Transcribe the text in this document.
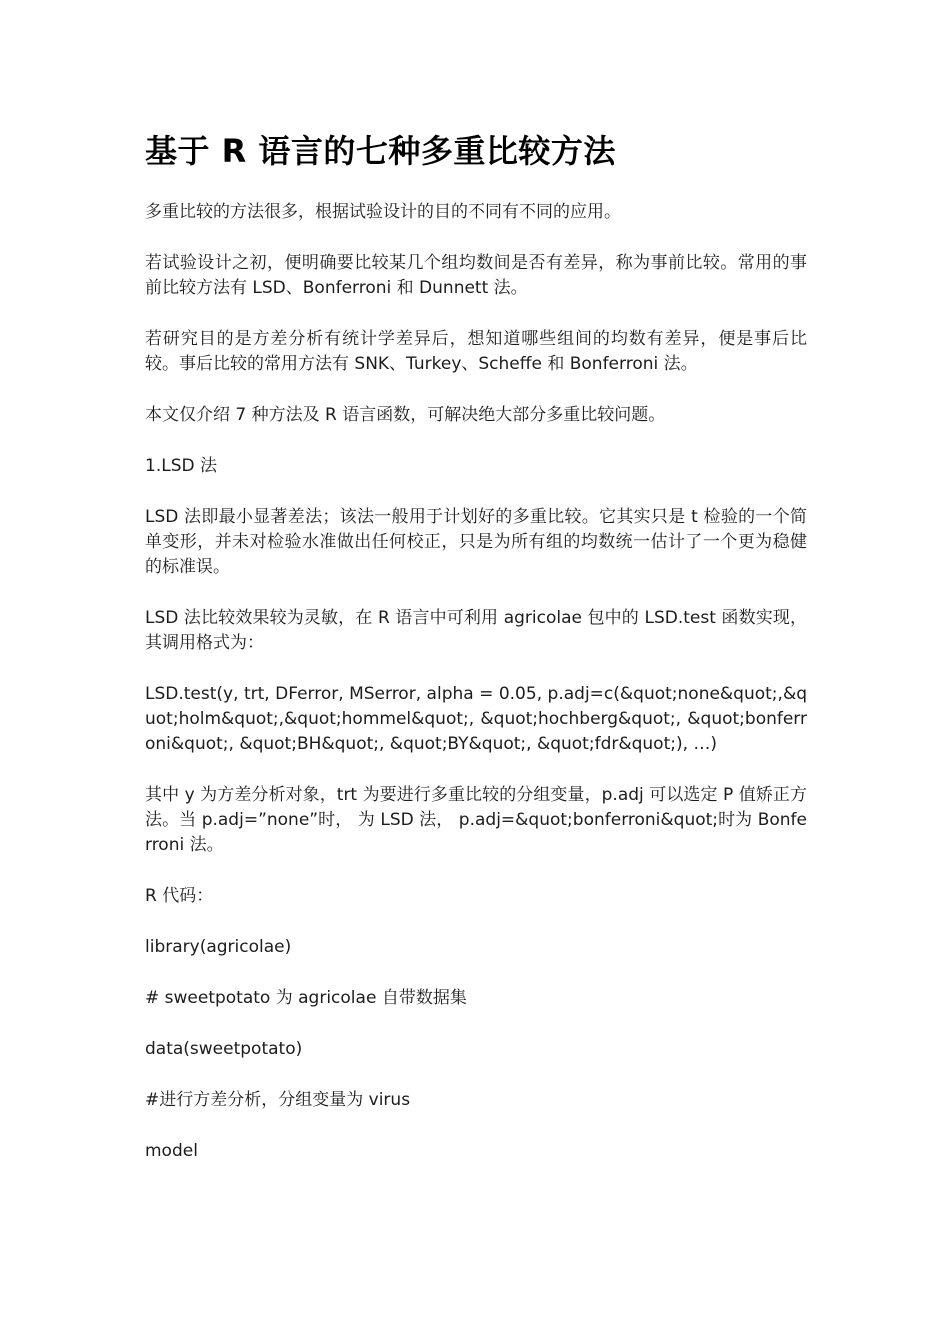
基于 R 语言的七种多重比较方法

多重比较的方法很多，根据试验设计的目的不同有不同的应用。

若试验设计之初，便明确要比较某几个组均数间是否有差异，称为事前比较。常用的事前比较方法有 LSD、Bonferroni 和 Dunnett 法。

若研究目的是方差分析有统计学差异后，想知道哪些组间的均数有差异，便是事后比较。事后比较的常用方法有 SNK、Turkey、Scheffe 和 Bonferroni 法。

本文仅介绍 7 种方法及 R 语言函数，可解决绝大部分多重比较问题。

1.LSD 法

LSD 法即最小显著差法；该法一般用于计划好的多重比较。它其实只是 t 检验的一个简单变形，并未对检验水准做出任何校正，只是为所有组的均数统一估计了一个更为稳健的标准误。

LSD 法比较效果较为灵敏，在 R 语言中可利用 agricolae 包中的 LSD.test 函数实现，其调用格式为：

LSD.test(y, trt, DFerror, MSerror, alpha = 0.05, p.adj=c(&quot;none&quot;,&quot;holm&quot;,&quot;hommel&quot;, &quot;hochberg&quot;, &quot;bonferroni&quot;, &quot;BH&quot;, &quot;BY&quot;, &quot;fdr&quot;), …)

其中 y 为方差分析对象，trt 为要进行多重比较的分组变量，p.adj 可以选定 P 值矫正方法。当 p.adj=”none”时， 为 LSD 法， p.adj=&quot;bonferroni&quot;时为 Bonferroni 法。

R 代码：

library(agricolae)

# sweetpotato 为 agricolae 自带数据集

data(sweetpotato)

#进行方差分析，分组变量为 virus

model
